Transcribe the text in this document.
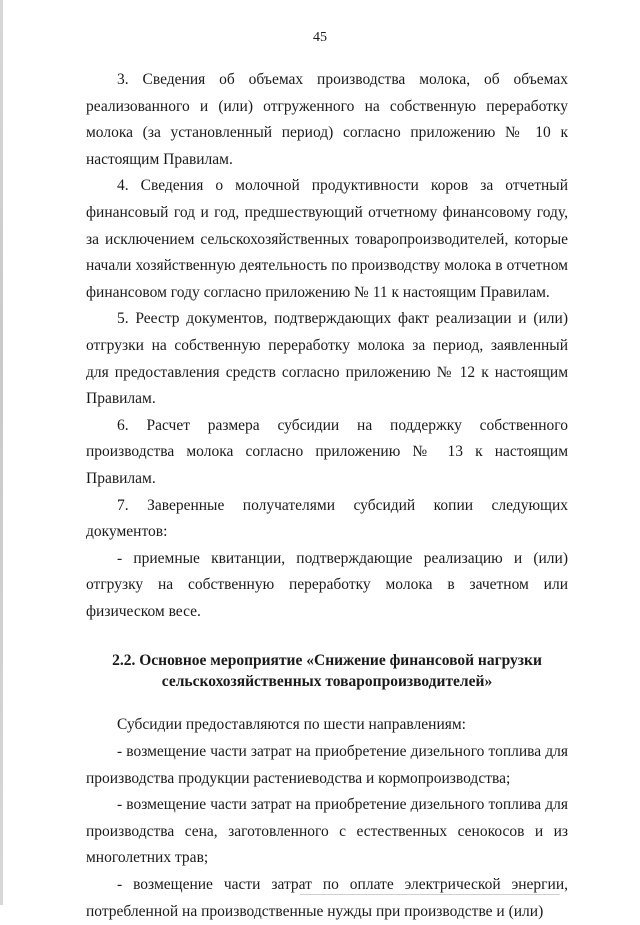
45

3. Сведения об объемах производства молока, об объемах реализованного и (или) отгруженного на собственную переработку молока (за установленный период) согласно приложению № 10 к настоящим Правилам.

4. Сведения о молочной продуктивности коров за отчетный финансовый год и год, предшествующий отчетному финансовому году, за исключением сельскохозяйственных товаропроизводителей, которые начали хозяйственную деятельность по производству молока в отчетном финансовом году согласно приложению № 11 к настоящим Правилам.

5. Реестр документов, подтверждающих факт реализации и (или) отгрузки на собственную переработку молока за период, заявленный для предоставления средств согласно приложению № 12 к настоящим Правилам.

6. Расчет размера субсидии на поддержку собственного производства молока согласно приложению № 13 к настоящим Правилам.

7. Заверенные получателями субсидий копии следующих документов:

- приемные квитанции, подтверждающие реализацию и (или) отгрузку на собственную переработку молока в зачетном или физическом весе.

2.2. Основное мероприятие «Снижение финансовой нагрузки
сельскохозяйственных товаропроизводителей»

Субсидии предоставляются по шести направлениям:

- возмещение части затрат на приобретение дизельного топлива для производства продукции растениеводства и кормопроизводства;

- возмещение части затрат на приобретение дизельного топлива для производства сена, заготовленного с естественных сенокосов и из многолетних трав;

- возмещение части затрат по оплате электрической энергии, потребленной на производственные нужды при производстве и (или)
